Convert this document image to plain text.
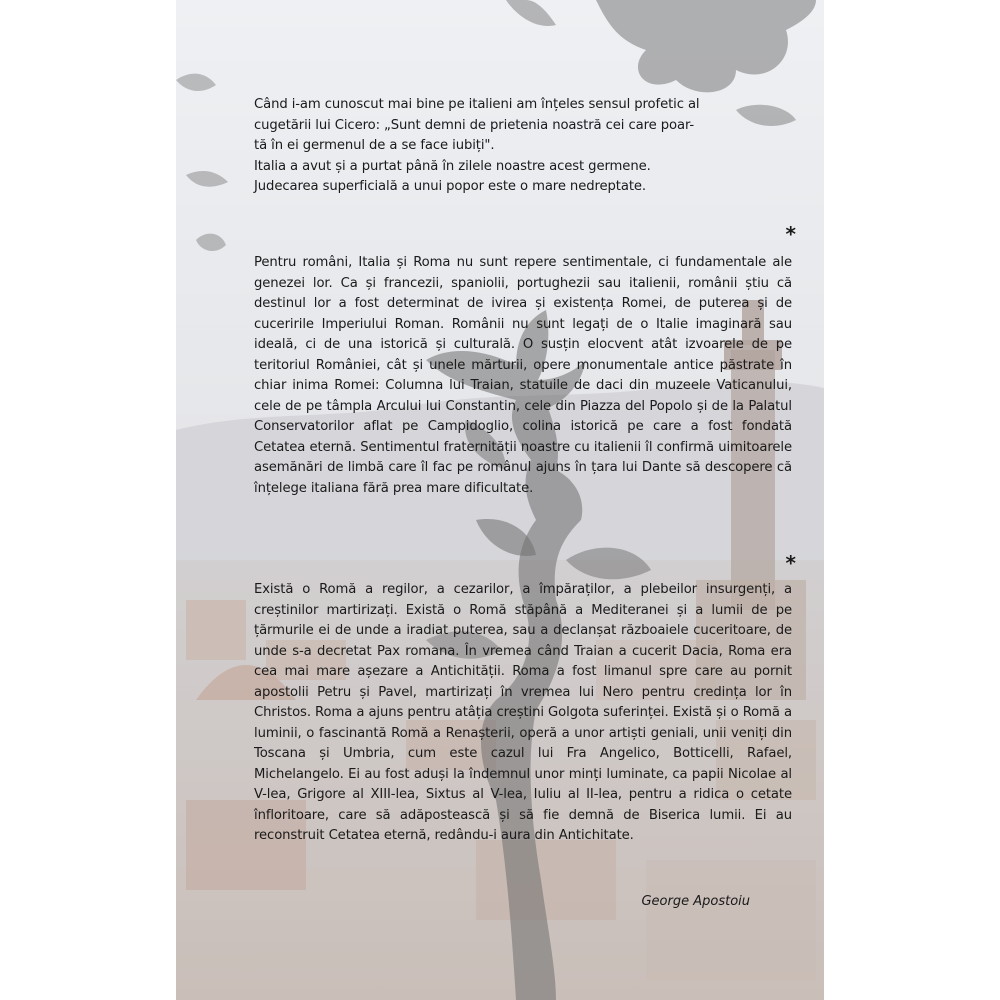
Când i-am cunoscut mai bine pe italieni am înțeles sensul profetic al
cugetării lui Cicero: „Sunt demni de prietenia noastră cei care poar-
tă în ei germenul de a se face iubiți".
Italia a avut și a purtat până în zilele noastre acest germene.
Judecarea superficială a unui popor este o mare nedreptate.
*

Pentru români, Italia și Roma nu sunt repere sentimentale, ci fundamentale ale genezei lor. Ca și francezii, spaniolii, portughezii sau italienii, românii știu că destinul lor a fost determinat de ivirea și existența Romei, de puterea și de cuceririle Imperiului Roman. Românii nu sunt legați de o Italie imaginară sau ideală, ci de una istorică și culturală. O susțin elocvent atât izvoarele de pe teritoriul României, cât și unele mărturii, opere monumentale antice păstrate în chiar inima Romei: Columna lui Traian, statuile de daci din muzeele Vaticanului, cele de pe tâmpla Arcului lui Constantin, cele din Piazza del Popolo și de la Palatul Conservatorilor aflat pe Campidoglio, colina istorică pe care a fost fondată Cetatea eternă. Sentimentul fraternității noastre cu italienii îl confirmă uimitoarele asemănări de limbă care îl fac pe românul ajuns în țara lui Dante să descopere că înțelege italiana fără prea mare dificultate.

*

Există o Romă a regilor, a cezarilor, a împăraților, a plebeilor insurgenți, a creștinilor martirizați. Există o Romă stăpână a Mediteranei și a lumii de pe țărmurile ei de unde a iradiat puterea, sau a declanșat războaiele cuceritoare, de unde s-a decretat Pax romana. În vremea când Traian a cucerit Dacia, Roma era cea mai mare așezare a Antichității. Roma a fost limanul spre care au pornit apostolii Petru și Pavel, martirizați în vremea lui Nero pentru credința lor în Christos. Roma a ajuns pentru atâția creștini Golgota suferinței. Există și o Romă a luminii, o fascinantă Romă a Renașterii, operă a unor artiști geniali, unii veniți din Toscana și Umbria, cum este cazul lui Fra Angelico, Botticelli, Rafael, Michelangelo. Ei au fost aduși la îndemnul unor minți luminate, ca papii Nicolae al V-lea, Grigore al XIII-lea, Sixtus al V-lea, Iuliu al II-lea, pentru a ridica o cetate înfloritoare, care să adăpostească și să fie demnă de Biserica lumii. Ei au reconstruit Cetatea eternă, redându-i aura din Antichitate.

George Apostoiu
